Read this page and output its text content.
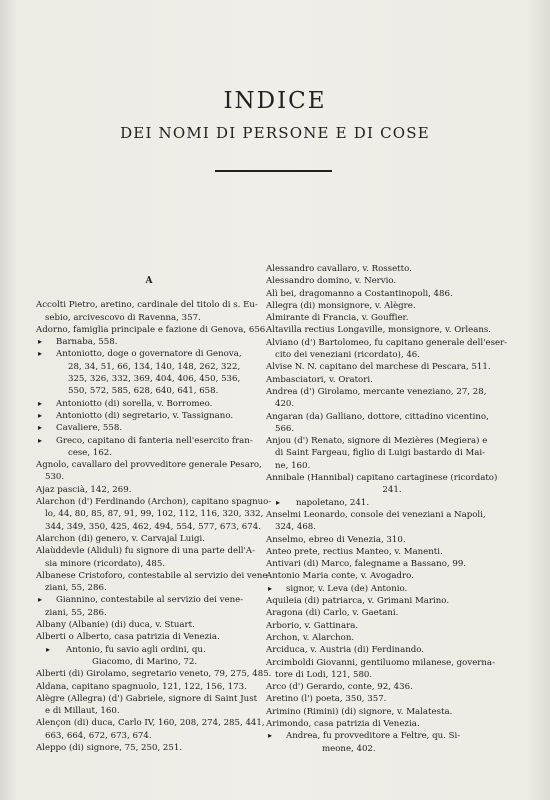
INDICE
DEI NOMI DI PERSONE E DI COSE
A
Accolti Pietro, aretino, cardinale del titolo di s. Eu-
sebio, arcivescovo di Ravenna, 357.
Adorno, famiglia principale e fazione di Genova, 656.
▸ Barnaba, 558.
▸ Antoniotto, doge o governatore di Genova,
28, 34, 51, 66, 134, 140, 148, 262, 322,
325, 326, 332, 369, 404, 406, 450, 536,
550, 572, 585, 628, 640, 641, 658.
▸ Antoniotto (di) sorella, v. Borromeo.
▸ Antoniotto (di) segretario, v. Tassignano.
▸ Cavaliere, 558.
▸ Greco, capitano di fanteria nell'esercito fran-
cese, 162.
Agnolo, cavallaro del provveditore generale Pesaro,
530.
Ajaz pascià, 142, 269.
Alarchon (d') Ferdinando (Archon), capitano spagnuo-
lo, 44, 80, 85, 87, 91, 99, 102, 112, 116, 320, 332,
344, 349, 350, 425, 462, 494, 554, 577, 673, 674.
Alarchon (di) genero, v. Carvajal Luigi.
Alaùddevle (Aliduli) fu signore di una parte dell'A-
sia minore (ricordato), 485.
Albanese Cristoforo, contestabile al servizio dei vene-
ziani, 55, 286.
▸ Giannino, contestabile al servizio dei vene-
ziani, 55, 286.
Albany (Albanie) (di) duca, v. Stuart.
Alberti o Alberto, casa patrizia di Venezia.
▸ Antonio, fu savio agli ordini, qu.
Giacomo, di Marino, 72.
Alberti (di) Girolamo, segretario veneto, 79, 275, 485.
Aldana, capitano spagnuolo, 121, 122, 156, 173.
Alègre (Allegra) (d') Gabriele, signore di Saint Just
e di Millaut, 160.
Alençon (di) duca, Carlo IV, 160, 208, 274, 285, 441,
663, 664, 672, 673, 674.
Aleppo (di) signore, 75, 250, 251.
Alessandro cavallaro, v. Rossetto.
Alessandro domino, v. Nervio.
Alì bei, dragomanno a Costantinopoli, 486.
Allegra (di) monsignore, v. Alègre.
Almirante di Francia, v. Gouffier.
Altavilla rectius Longaville, monsignore, v. Orleans.
Alviano (d') Bartolomeo, fu capitano generale dell'eser-
cito dei veneziani (ricordato), 46.
Alvise N. N. capitano del marchese di Pescara, 511.
Ambasciatori, v. Oratori.
Andrea (d') Girolamo, mercante veneziano, 27, 28,
420.
Angaran (da) Galliano, dottore, cittadino vicentino,
566.
Anjou (d') Renato, signore di Mezières (Megiera) e
di Saint Fargeau, figlio di Luigi bastardo di Mai-
ne, 160.
Annibale (Hannibal) capitano cartaginese (ricordato)
241.
▸ napoletano, 241.
Anselmi Leonardo, console dei veneziani a Napoli,
324, 468.
Anselmo, ebreo di Venezia, 310.
Anteo prete, rectius Manteo, v. Manenti.
Antivari (di) Marco, falegname a Bassano, 99.
Antonio Maria conte, v. Avogadro.
▸ signor, v. Leva (de) Antonio.
Aquileia (di) patriarca, v. Grimani Marino.
Aragona (di) Carlo, v. Gaetani.
Arborio, v. Gattinara.
Archon, v. Alarchon.
Arciduca, v. Austria (di) Ferdinando.
Arcimboldi Giovanni, gentiluomo milanese, governa-
tore di Lodi, 121, 580.
Arco (d') Gerardo, conte, 92, 436.
Aretino (l') poeta, 350, 357.
Arimino (Rimini) (di) signore, v. Malatesta.
Arimondo, casa patrizia di Venezia.
▸ Andrea, fu provveditore a Feltre, qu. Si-
meone, 402.
